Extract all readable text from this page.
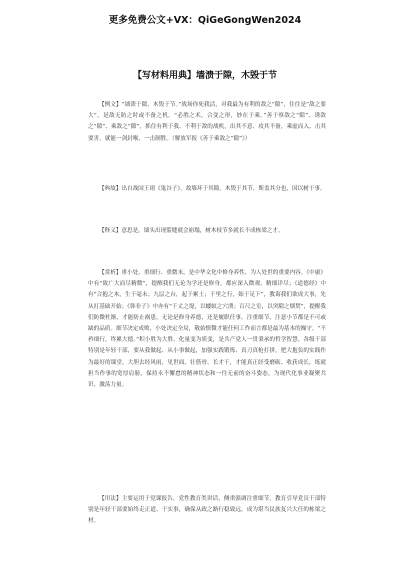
更多免费公文+VX：QiGeGongWen2024
【写材料用典】墙溃于隙，木毁于节
【例文】“墙溃于隙，木毁于节。”战场你死我活，对我最为有利的敌之“隙”，往往是“敌之要大”，是敌无防之时或不备之机。“必胜之术，合变之形，妙在于乘。”善于察敌之“隙”、诱敌之“隙”、乘敌之“隙”，抓住有利于我、不利于敌的战机，出其不意、攻其不备，乘虚而入、击其要害，就能一剑封喉、一击制胜。（解放军报《善于乘敌之“隙”》）
【典故】出自战国王诩《鬼谷子》，故墙坏于其隙，木毁于其节，斯盖其分也，因以树于事。
【释义】意思是，墙头出现裂缝就会崩塌，树木枝节多就长不成栋梁之才。
【赏析】重小处、重细行、重微末，是中华文化中修身养性、为人处世的重要内容。《中庸》中有“致广大而尽精微”，提醒我们无论为学还是修身，都应深入微观、精细详尽；《道德经》中有“合抱之木，生于毫末；九层之台，起于累土；千里之行，始于足下”，教诲我们欲成大事，先从打基础开始；《韩非子》中亦有“千丈之堤，以蝼蚁之穴溃；百尺之室，以突隙之烟焚”，提醒我们防微杜渐，才能防止祸患。无论是修身养德，还是履职任事，注重细节、注意小节都是不可或缺的品质。细节决定成败，小处决定全局，敬始慎微才能任何工作而言都是最为基本的操守。“不矜细行，终累大德。”积小胜为大胜、化量变为质变，是共产党人一贯秉承的哲学智慧。各级干部特别是年轻干部，要从我做起、从小事做起，加强实践锻炼、真刀真枪打拼，把大抱负的实践作为最好的课堂，大胆去经风雨、见世面、壮筋骨、长才干，才能真正经受磨砺、收获成长，练就担当作事的宽厚肩膀，保持永不懈怠的精神状态和一往无前的奋斗姿态，为现代化事业凝聚共识、激荡力量。
【用法】主要运用于党课报告、党性教育类讲话，侧重强调注重细节，教育引导党员干部特别是年轻干部要始终走正道、干实事，确保从政之路行稳致远，成为堪当民族复兴大任的栋梁之材。
